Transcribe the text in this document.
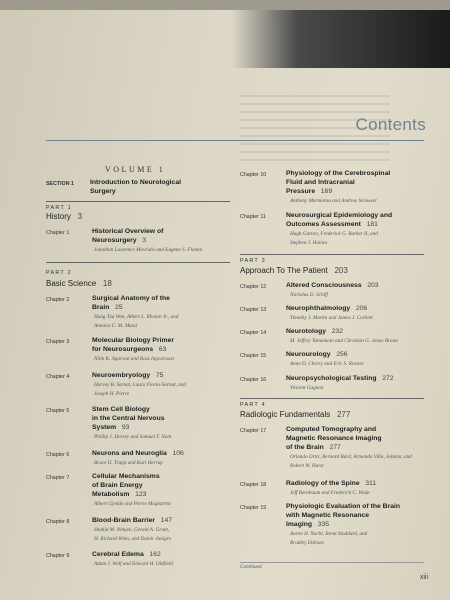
Contents
VOLUME 1
SECTION 1 Introduction to Neurological
Surgery
PART 1
History 3
Chapter 1	Historical Overview of
Neurosurgery 3
Jonathan Lawrence Mavridis and Eugene S. Flamm
PART 2
Basic Science 18
Chapter 2	Surgical Anatomy of the
Brain 25
Hung Tzu Wen, Albert L. Rhoton Jr., and
Antonio C. M. Mussi
Chapter 3	Molecular Biology Primer
for Neurosurgeons 63
Nitin K. Agarwal and Ross Ingvarsson
Chapter 4	Neuroembryology 75
Harvey B. Sarnat, Laura Flores-Sarnat, and
Joseph H. Pierre
Chapter 5	Stem Cell Biology
in the Central Nervous
System 93
Phillip J. Dorsey and Samuel F. Nam
Chapter 6	Neurons and Neuroglia 106
Bruce D. Trapp and Karl Herrup
Chapter 7	Cellular Mechanisms
of Brain Energy
Metabolism 123
Albert Gjedde and Pierre Magistretti
Chapter 8	Blood-Brain Barrier 147
Shahid M. Nimjee, Gerald A. Grant,
H. Richard Winn, and Damir Janigro
Chapter 9	Cerebral Edema 162
Adam J. Wolf and Edward H. Oldfield
Chapter 10	Physiology of the Cerebrospinal
Fluid and Intracranial
Pressure 169
Anthony Marmarou and Andrew Strawser
Chapter 11	Neurosurgical Epidemiology and
Outcomes Assessment 181
Hugh Garton, Frederick G. Barker II, and
Stephen J. Haines
PART 3
Approach To The Patient 203
Chapter 12	Altered Consciousness 203
Nicholas D. Schiff
Chapter 13	Neurophthalmology 206
Timothy J. Martin and James J. Corbett
Chapter 14	Neurotology 232
M. Jeffrey Yamamoto and Christian G. Jonas Braun
Chapter 15	Neurourology 256
Anne D. Cherry and Eric S. Rovner
Chapter 16	Neuropsychological Testing 272
Vincent Gagnon
PART 4
Radiologic Fundamentals 277
Chapter 17	Computed Tomography and
Magnetic Resonance Imaging
of the Brain 277
Orlando Ortiz, Bernard Bard, Armando Villa, Johann, and
Robert W. Hurst
Chapter 18	Radiology of the Spine 311
Jeff Bernbaum and Frederick C. Wade
Chapter 19	Physiologic Evaluation of the Brain
with Magnetic Resonance
Imaging 335
Aaron H. Nacht, Brent Stoddard, and
Bradley Dobson
Continued
xiii
